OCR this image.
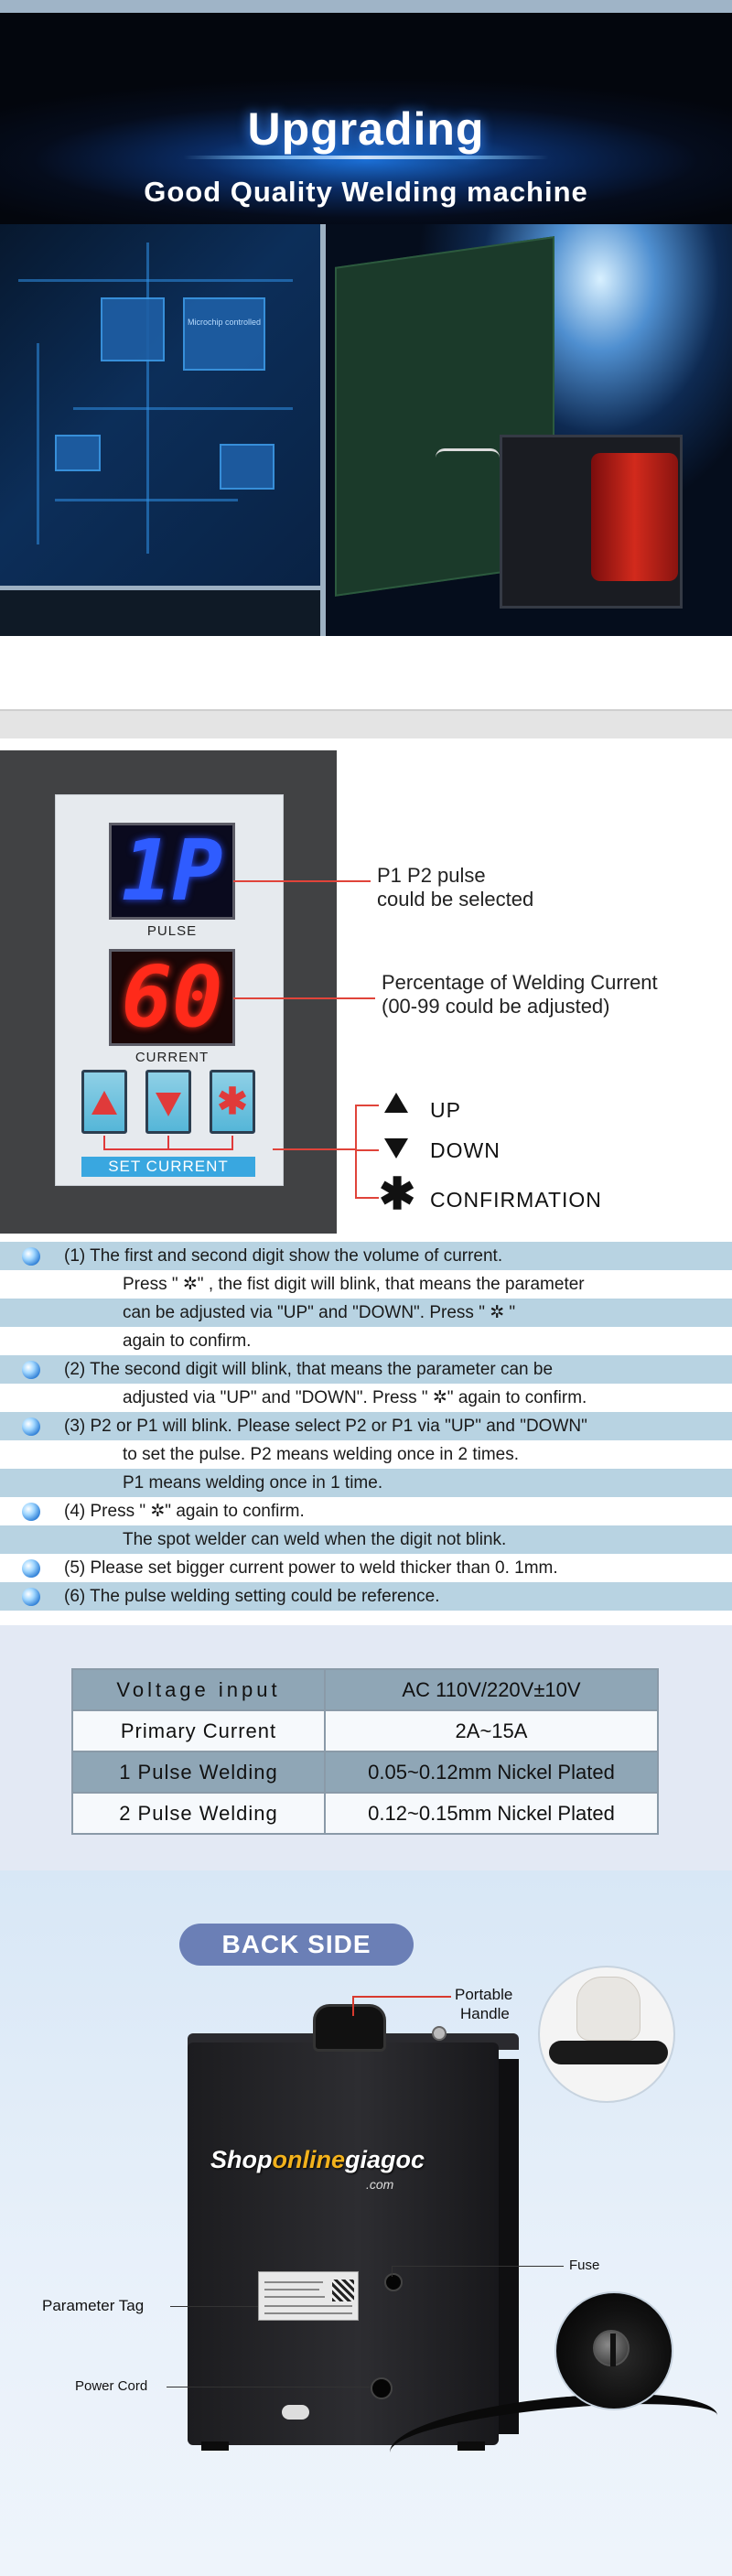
Upgrading
Good Quality Welding machine
Microchip controlled
1P
PULSE
60
CURRENT
✱
SET CURRENT
P1 P2 pulse
could be selected
Percentage of Welding Current
(00-99 could be adjusted)
UP
DOWN
✱ CONFIRMATION
(1) The first and second digit show the volume of current.
Press " ✲" , the fist digit will blink, that means the parameter
can be adjusted via "UP" and "DOWN". Press " ✲ "
again to confirm.
(2) The second digit will blink, that means the parameter can be
adjusted via "UP" and "DOWN". Press " ✲" again to confirm.
(3) P2 or P1 will blink. Please select P2 or P1 via "UP" and "DOWN"
to set the pulse. P2 means welding once in 2 times.
P1 means welding once in 1 time.
(4) Press " ✲" again to confirm.
The spot welder can weld when the digit not blink.
(5) Please set bigger current power to weld thicker than 0. 1mm.
(6) The pulse welding setting could be reference.
Voltage input	AC 110V/220V±10V
Primary Current	2A~15A
1 Pulse Welding	0.05~0.12mm Nickel Plated
2 Pulse Welding	0.12~0.15mm Nickel Plated
BACK SIDE
Shoponlinegiagoc
.com
Portable
Handle
Fuse
Parameter Tag
Power Cord
